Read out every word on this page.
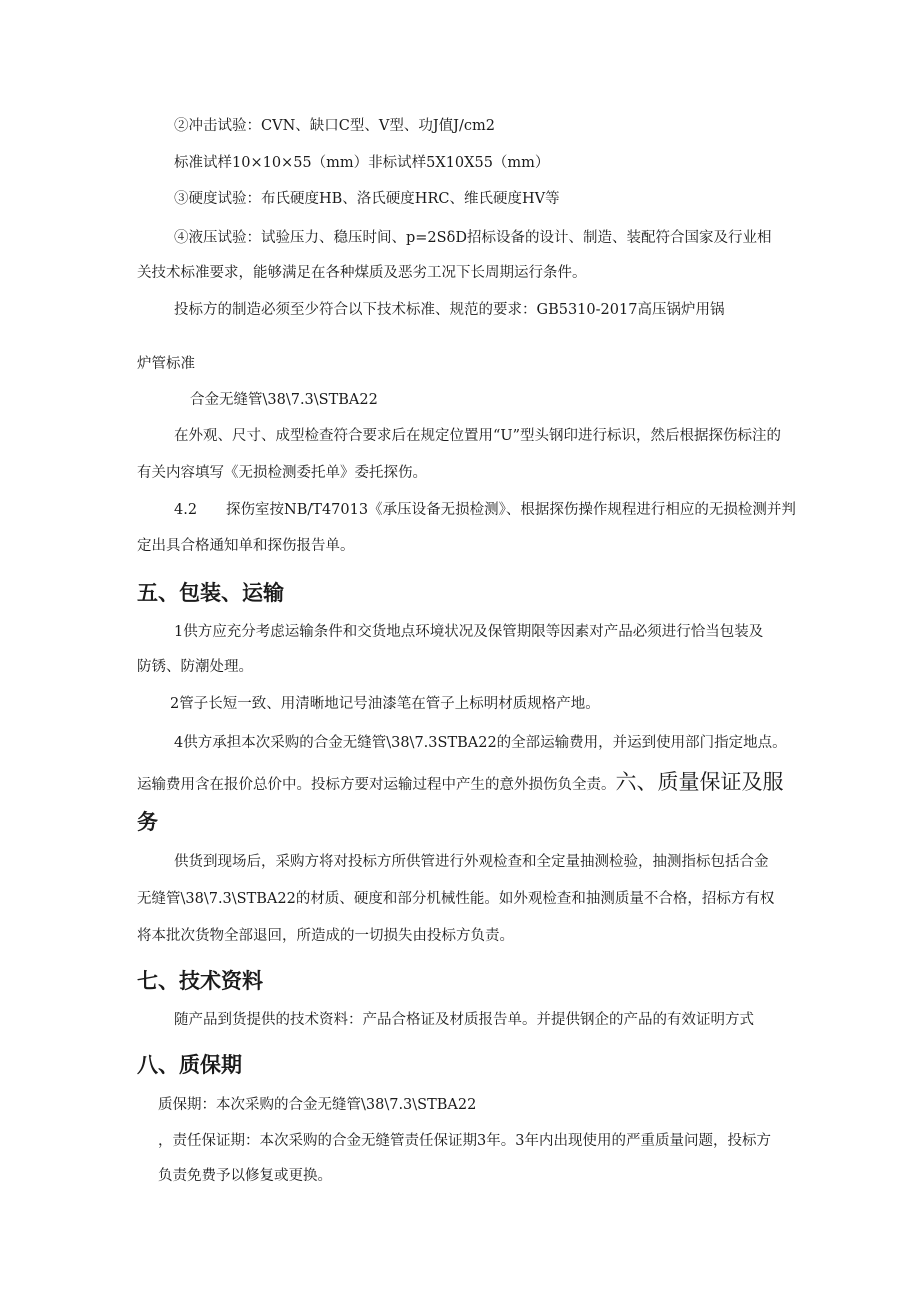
②冲击试验：CVN、缺口C型、V型、功J值J/cm2

标准试样10×10×55（mm）非标试样5X10X55（mm）

③硬度试验：布氏硬度HB、洛氏硬度HRC、维氏硬度HV等

④液压试验：试验压力、稳压时间、p=2SδD招标设备的设计、制造、装配符合国家及行业相

关技术标准要求，能够满足在各种煤质及恶劣工况下长周期运行条件。

投标方的制造必须至少符合以下技术标准、规范的要求：GB5310-2017高压锅炉用锅

炉管标准

合金无缝管\38\7.3\STBA22

在外观、尺寸、成型检查符合要求后在规定位置用“U”型头钢印进行标识，然后根据探伤标注的

有关内容填写《无损检测委托单》委托探伤。

4.2　　探伤室按NB/T47013《承压设备无损检测》、根据探伤操作规程进行相应的无损检测并判

定出具合格通知单和探伤报告单。

五、包装、运输

1供方应充分考虑运输条件和交货地点环境状况及保管期限等因素对产品必须进行恰当包装及

防锈、防潮处理。

2管子长短一致、用清晰地记号油漆笔在管子上标明材质规格产地。

4供方承担本次采购的合金无缝管\38\7.3STBA22的全部运输费用，并运到使用部门指定地点。

运输费用含在报价总价中。投标方要对运输过程中产生的意外损伤负全责。六、质量保证及服

务

供货到现场后，采购方将对投标方所供管进行外观检查和全定量抽测检验，抽测指标包括合金

无缝管\38\7.3\STBA22的材质、硬度和部分机械性能。如外观检查和抽测质量不合格，招标方有权

将本批次货物全部退回，所造成的一切损失由投标方负责。

七、技术资料

随产品到货提供的技术资料：产品合格证及材质报告单。并提供钢企的产品的有效证明方式

八、质保期

质保期：本次采购的合金无缝管\38\7.3\STBA22

，责任保证期：本次采购的合金无缝管责任保证期3年。3年内出现使用的严重质量问题，投标方

负责免费予以修复或更换。
